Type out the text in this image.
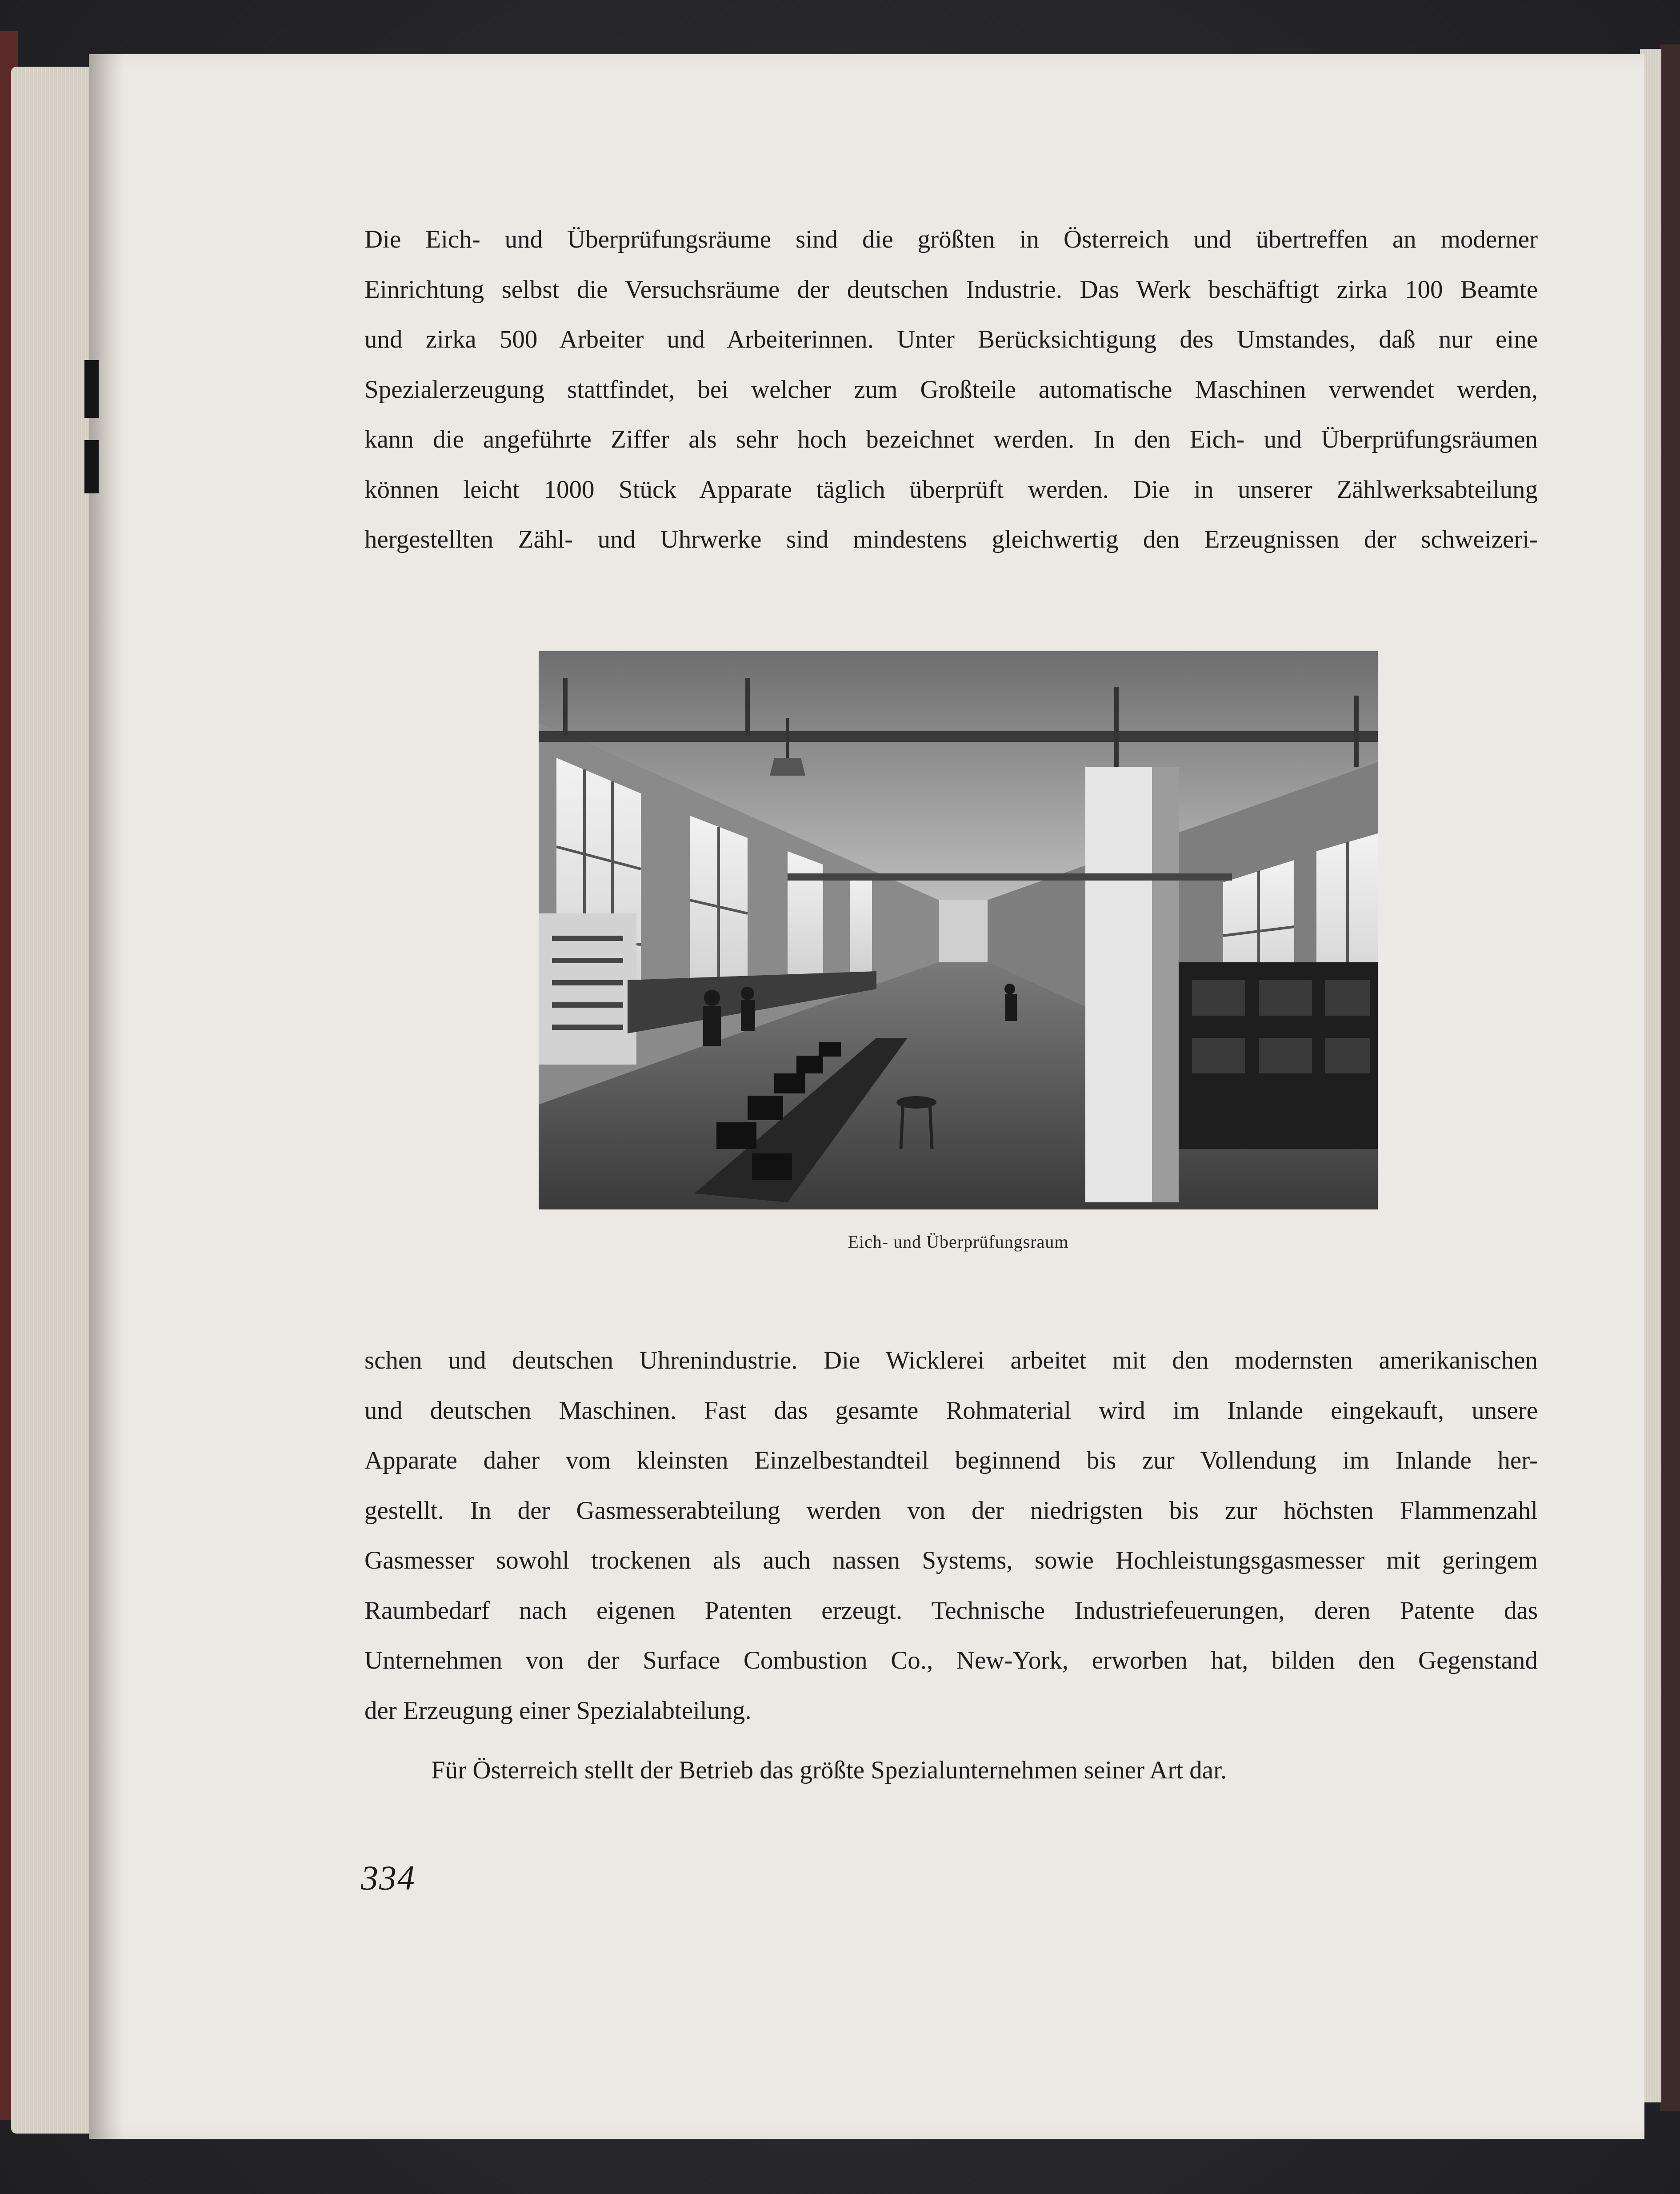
Die Eich- und Überprüfungsräume sind die größten in Österreich und übertreffen an moderner
Einrichtung selbst die Versuchsräume der deutschen Industrie. Das Werk beschäftigt zirka 100 Beamte
und zirka 500 Arbeiter und Arbeiterinnen. Unter Berücksichtigung des Umstandes, daß nur eine
Spezialerzeugung stattfindet, bei welcher zum Großteile automatische Maschinen verwendet werden,
kann die angeführte Ziffer als sehr hoch bezeichnet werden. In den Eich- und Überprüfungsräumen
können leicht 1000 Stück Apparate täglich überprüft werden. Die in unserer Zählwerksabteilung
hergestellten Zähl- und Uhrwerke sind mindestens gleichwertig den Erzeugnissen der schweizeri-
Eich- und Überprüfungsraum
schen und deutschen Uhrenindustrie. Die Wicklerei arbeitet mit den modernsten amerikanischen
und deutschen Maschinen. Fast das gesamte Rohmaterial wird im Inlande eingekauft, unsere
Apparate daher vom kleinsten Einzelbestandteil beginnend bis zur Vollendung im Inlande her-
gestellt. In der Gasmesserabteilung werden von der niedrigsten bis zur höchsten Flammenzahl
Gasmesser sowohl trockenen als auch nassen Systems, sowie Hochleistungsgasmesser mit geringem
Raumbedarf nach eigenen Patenten erzeugt. Technische Industriefeuerungen, deren Patente das
Unternehmen von der Surface Combustion Co., New-York, erworben hat, bilden den Gegenstand
der Erzeugung einer Spezialabteilung.
Für Österreich stellt der Betrieb das größte Spezialunternehmen seiner Art dar.
334
